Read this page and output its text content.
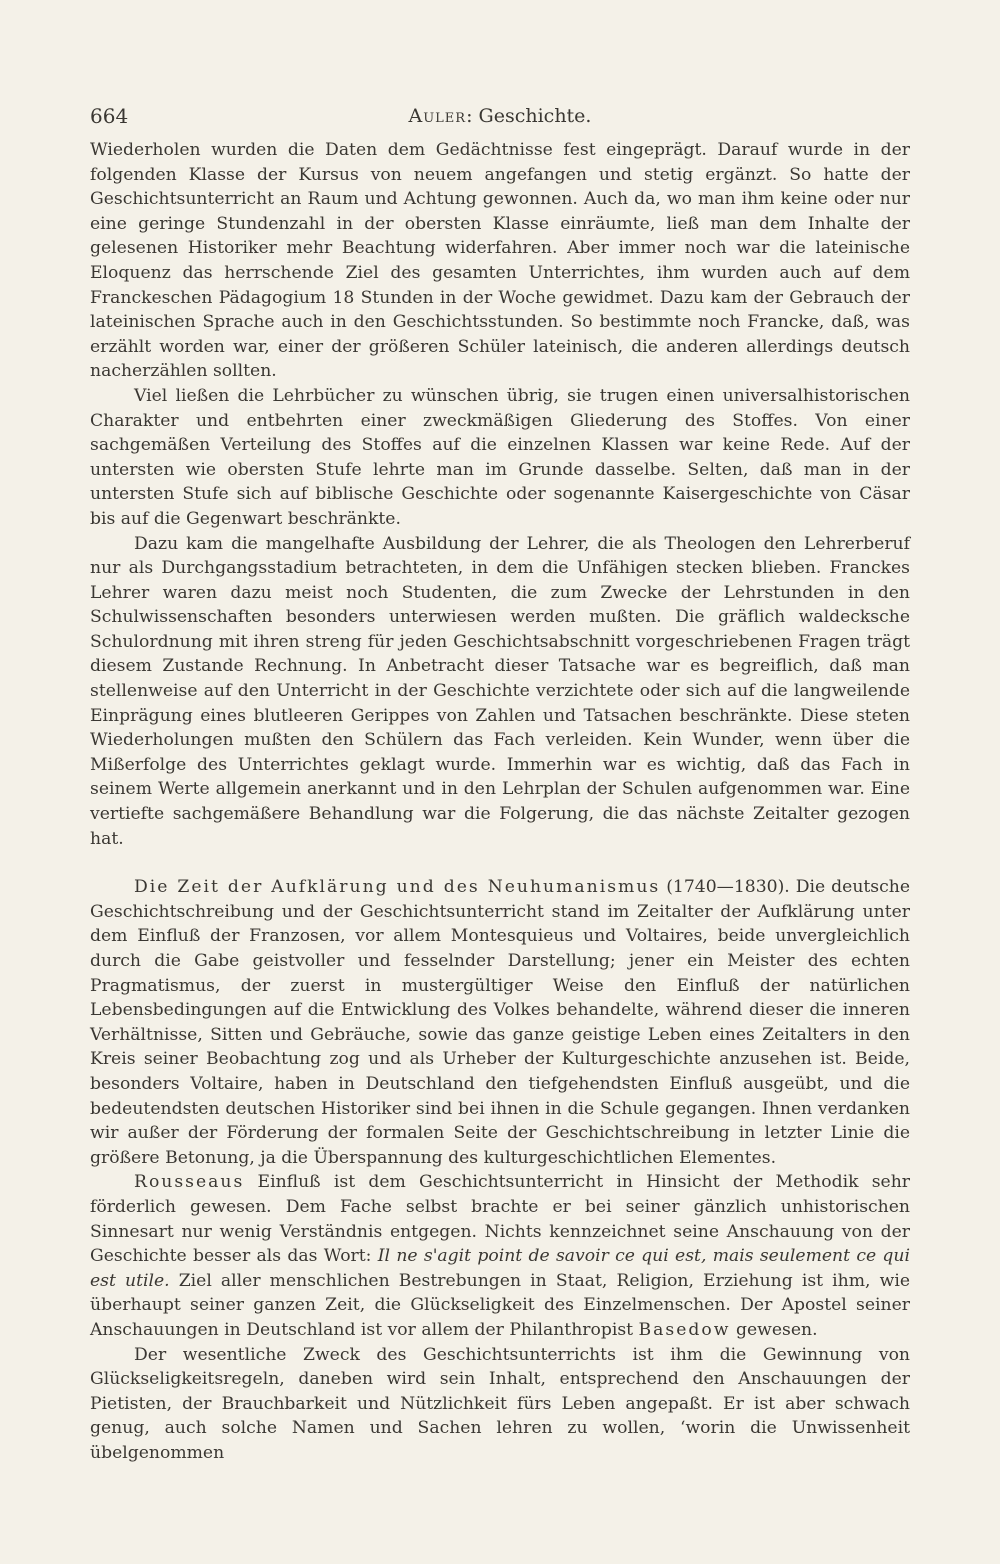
664	Auler: Geschichte.

Wiederholen wurden die Daten dem Gedächtnisse fest eingeprägt. Darauf wurde in der folgenden Klasse der Kursus von neuem angefangen und stetig ergänzt. So hatte der Geschichtsunterricht an Raum und Achtung gewonnen. Auch da, wo man ihm keine oder nur eine geringe Stundenzahl in der obersten Klasse einräumte, ließ man dem Inhalte der gelesenen Historiker mehr Beachtung widerfahren. Aber immer noch war die lateinische Eloquenz das herrschende Ziel des gesamten Unterrichtes, ihm wurden auch auf dem Franckeschen Pädagogium 18 Stunden in der Woche gewidmet. Dazu kam der Gebrauch der lateinischen Sprache auch in den Geschichtsstunden. So bestimmte noch Francke, daß, was erzählt worden war, einer der größeren Schüler lateinisch, die anderen allerdings deutsch nacherzählen sollten.

Viel ließen die Lehrbücher zu wünschen übrig, sie trugen einen universalhistorischen Charakter und entbehrten einer zweckmäßigen Gliederung des Stoffes. Von einer sachgemäßen Verteilung des Stoffes auf die einzelnen Klassen war keine Rede. Auf der untersten wie obersten Stufe lehrte man im Grunde dasselbe. Selten, daß man in der untersten Stufe sich auf biblische Geschichte oder sogenannte Kaisergeschichte von Cäsar bis auf die Gegenwart beschränkte.

Dazu kam die mangelhafte Ausbildung der Lehrer, die als Theologen den Lehrerberuf nur als Durchgangsstadium betrachteten, in dem die Unfähigen stecken blieben. Franckes Lehrer waren dazu meist noch Studenten, die zum Zwecke der Lehrstunden in den Schulwissenschaften besonders unterwiesen werden mußten. Die gräflich waldecksche Schulordnung mit ihren streng für jeden Geschichtsabschnitt vorgeschriebenen Fragen trägt diesem Zustande Rechnung. In Anbetracht dieser Tatsache war es begreiflich, daß man stellenweise auf den Unterricht in der Geschichte verzichtete oder sich auf die langweilende Einprägung eines blutleeren Gerippes von Zahlen und Tatsachen beschränkte. Diese steten Wiederholungen mußten den Schülern das Fach verleiden. Kein Wunder, wenn über die Mißerfolge des Unterrichtes geklagt wurde. Immerhin war es wichtig, daß das Fach in seinem Werte allgemein anerkannt und in den Lehrplan der Schulen aufgenommen war. Eine vertiefte sachgemäßere Behandlung war die Folgerung, die das nächste Zeitalter gezogen hat.

Die Zeit der Aufklärung und des Neuhumanismus (1740—1830). Die deutsche Geschichtschreibung und der Geschichtsunterricht stand im Zeitalter der Aufklärung unter dem Einfluß der Franzosen, vor allem Montesquieus und Voltaires, beide unvergleichlich durch die Gabe geistvoller und fesselnder Darstellung; jener ein Meister des echten Pragmatismus, der zuerst in mustergültiger Weise den Einfluß der natürlichen Lebensbedingungen auf die Entwicklung des Volkes behandelte, während dieser die inneren Verhältnisse, Sitten und Gebräuche, sowie das ganze geistige Leben eines Zeitalters in den Kreis seiner Beobachtung zog und als Urheber der Kulturgeschichte anzusehen ist. Beide, besonders Voltaire, haben in Deutschland den tiefgehendsten Einfluß ausgeübt, und die bedeutendsten deutschen Historiker sind bei ihnen in die Schule gegangen. Ihnen verdanken wir außer der Förderung der formalen Seite der Geschichtschreibung in letzter Linie die größere Betonung, ja die Überspannung des kulturgeschichtlichen Elementes.

Rousseaus Einfluß ist dem Geschichtsunterricht in Hinsicht der Methodik sehr förderlich gewesen. Dem Fache selbst brachte er bei seiner gänzlich unhistorischen Sinnesart nur wenig Verständnis entgegen. Nichts kennzeichnet seine Anschauung von der Geschichte besser als das Wort: Il ne s'agit point de savoir ce qui est, mais seulement ce qui est utile. Ziel aller menschlichen Bestrebungen in Staat, Religion, Erziehung ist ihm, wie überhaupt seiner ganzen Zeit, die Glückseligkeit des Einzelmenschen. Der Apostel seiner Anschauungen in Deutschland ist vor allem der Philanthropist Basedow gewesen.

Der wesentliche Zweck des Geschichtsunterrichts ist ihm die Gewinnung von Glückseligkeitsregeln, daneben wird sein Inhalt, entsprechend den Anschauungen der Pietisten, der Brauchbarkeit und Nützlichkeit fürs Leben angepaßt. Er ist aber schwach genug, auch solche Namen und Sachen lehren zu wollen, ‘worin die Unwissenheit übelgenommen
